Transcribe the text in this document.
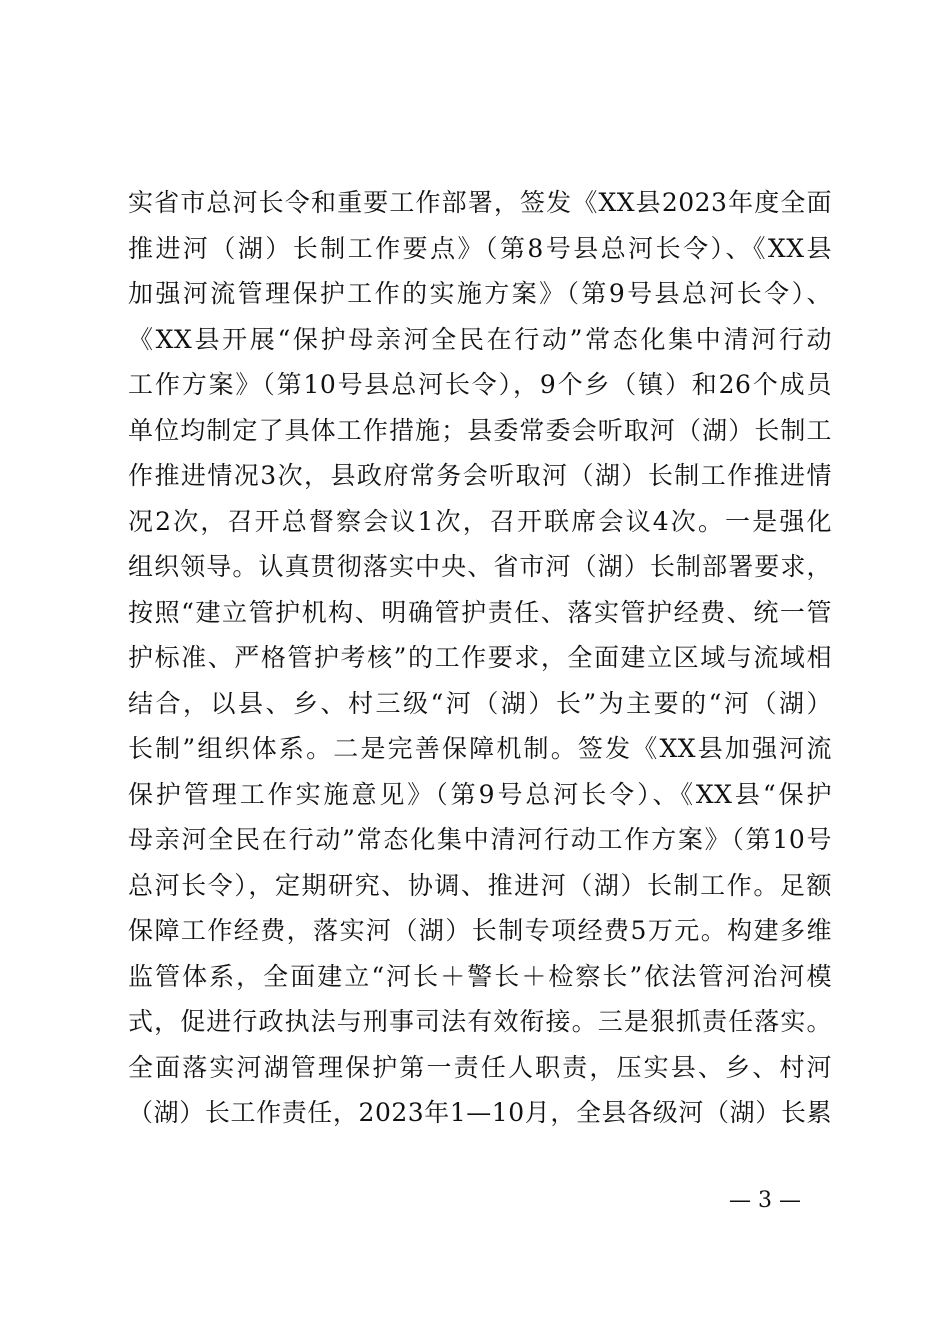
实省市总河长令和重要工作部署，签发《XX县2023年度全面
推进河（湖）长制工作要点》（第8号县总河长令）、《XX县
加强河流管理保护工作的实施方案》（第9号县总河长令）、
《XX县开展“保护母亲河全民在行动”常态化集中清河行动
工作方案》（第10号县总河长令），9个乡（镇）和26个成员
单位均制定了具体工作措施；县委常委会听取河（湖）长制工
作推进情况3次，县政府常务会听取河（湖）长制工作推进情
况2次，召开总督察会议1次，召开联席会议4次。一是强化
组织领导。认真贯彻落实中央、省市河（湖）长制部署要求，
按照“建立管护机构、明确管护责任、落实管护经费、统一管
护标准、严格管护考核”的工作要求，全面建立区域与流域相
结合，以县、乡、村三级“河（湖）长”为主要的“河（湖）
长制”组织体系。二是完善保障机制。签发《XX县加强河流
保护管理工作实施意见》（第9号总河长令）、《XX县“保护
母亲河全民在行动”常态化集中清河行动工作方案》（第10号
总河长令），定期研究、协调、推进河（湖）长制工作。足额
保障工作经费，落实河（湖）长制专项经费5万元。构建多维
监管体系，全面建立“河长＋警长＋检察长”依法管河治河模
式，促进行政执法与刑事司法有效衔接。三是狠抓责任落实。
全面落实河湖管理保护第一责任人职责，压实县、乡、村河
（湖）长工作责任，2023年1—10月，全县各级河（湖）长累
— 3 —
